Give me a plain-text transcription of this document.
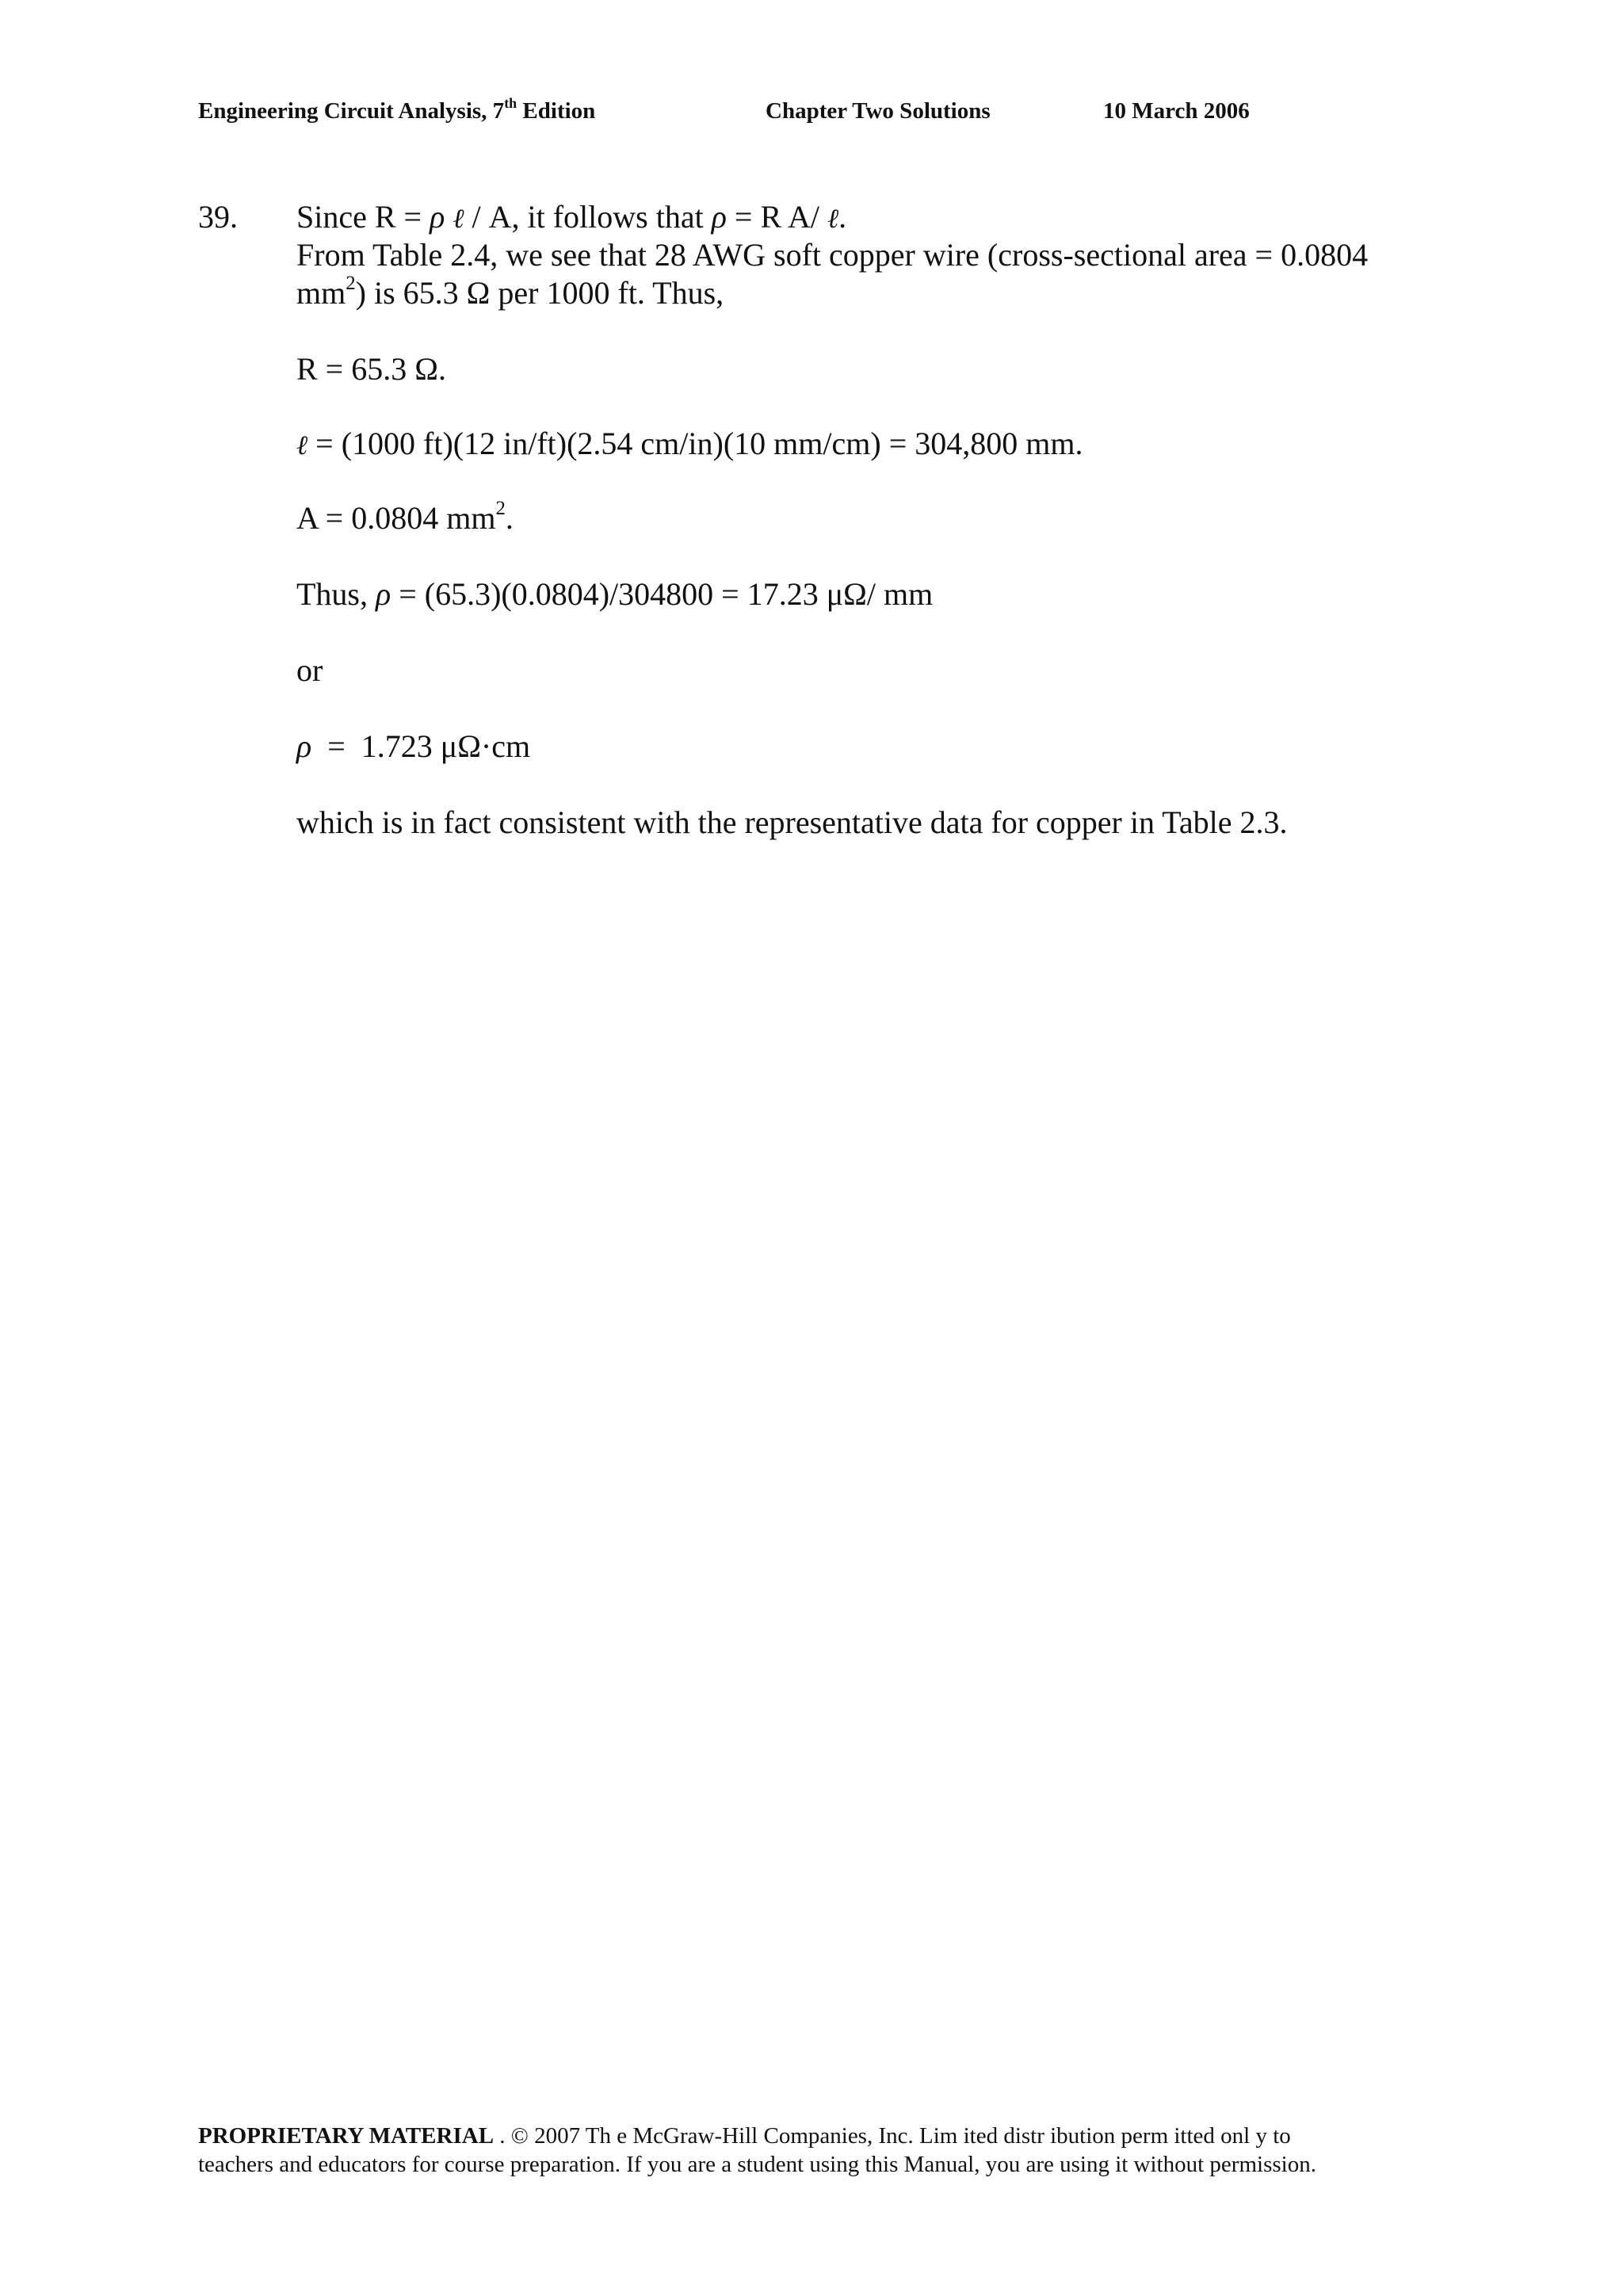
Engineering Circuit Analysis, 7th Edition	Chapter Two Solutions	10 March 2006
39. Since R = ρ ℓ / A, it follows that ρ = R A/ ℓ.
From Table 2.4, we see that 28 AWG soft copper wire (cross-sectional area = 0.0804
$mm^2$) is 65.3 Ω per 1000 ft. Thus,
R = 65.3 Ω.
ℓ = (1000 ft)(12 in/ft)(2.54 cm/in)(10 mm/cm) = 304,800 mm.
A = 0.0804 $mm^2$.
Thus, ρ = (65.3)(0.0804)/304800 = 17.23 μΩ/ mm
or
ρ  =  1.723 μΩ·cm
which is in fact consistent with the representative data for copper in Table 2.3.
PROPRIETARY MATERIAL . © 2007 Th e McGraw-Hill Companies, Inc. Lim ited distr ibution perm itted onl y to
teachers and educators for course preparation. If you are a student using this Manual, you are using it without permission.
